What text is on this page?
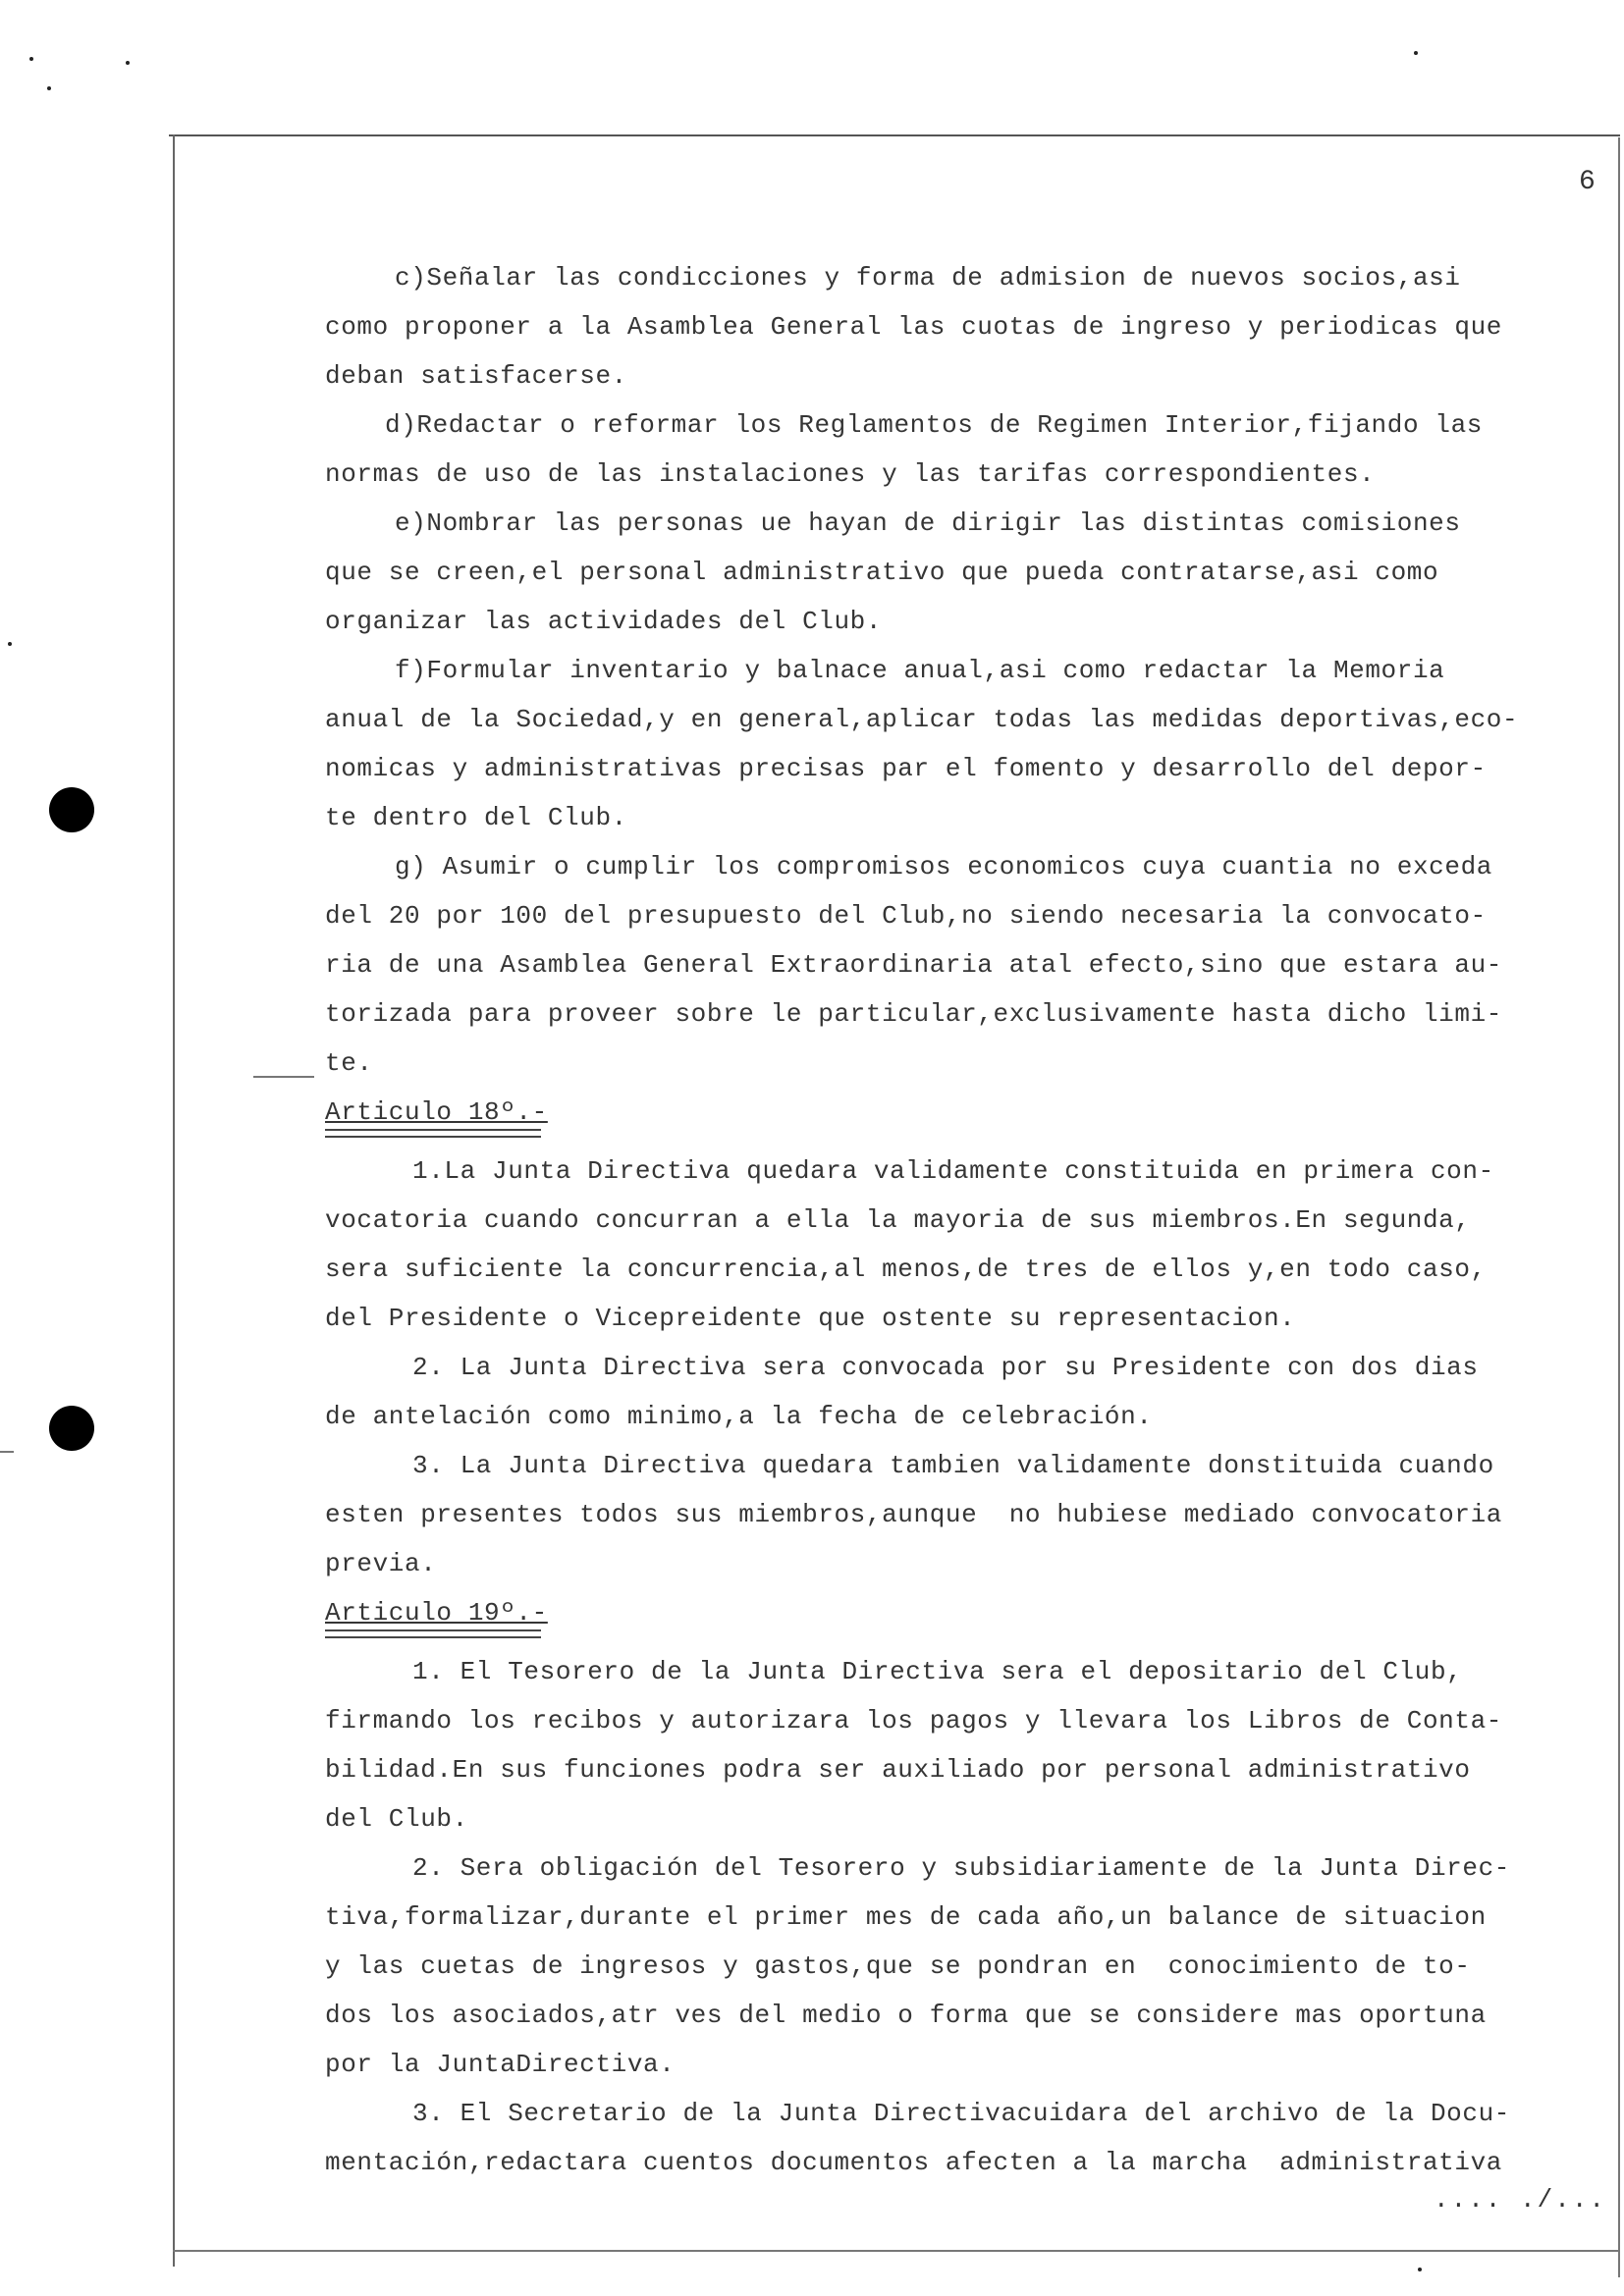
6
c)Señalar las condicciones y forma de admision de nuevos socios,asi
como proponer a la Asamblea General las cuotas de ingreso y periodicas que
deban satisfacerse.
d)Redactar o reformar los Reglamentos de Regimen Interior,fijando las
normas de uso de las instalaciones y las tarifas correspondientes.
e)Nombrar las personas ue hayan de dirigir las distintas comisiones
que se creen,el personal administrativo que pueda contratarse,asi como
organizar las actividades del Club.
f)Formular inventario y balnace anual,asi como redactar la Memoria
anual de la Sociedad,y en general,aplicar todas las medidas deportivas,eco-
nomicas y administrativas precisas par el fomento y desarrollo del depor-
te dentro del Club.
g) Asumir o cumplir los compromisos economicos cuya cuantia no exceda
del 20 por 100 del presupuesto del Club,no siendo necesaria la convocato-
ria de una Asamblea General Extraordinaria atal efecto,sino que estara au-
torizada para proveer sobre le particular,exclusivamente hasta dicho limi-
te.
Articulo 18º.-
1.La Junta Directiva quedara validamente constituida en primera con-
vocatoria cuando concurran a ella la mayoria de sus miembros.En segunda,
sera suficiente la concurrencia,al menos,de tres de ellos y,en todo caso,
del Presidente o Vicepreidente que ostente su representacion.
2. La Junta Directiva sera convocada por su Presidente con dos dias
de antelación como minimo,a la fecha de celebración.
3. La Junta Directiva quedara tambien validamente donstituida cuando
esten presentes todos sus miembros,aunque  no hubiese mediado convocatoria
previa.
Articulo 19º.-
1. El Tesorero de la Junta Directiva sera el depositario del Club,
firmando los recibos y autorizara los pagos y llevara los Libros de Conta-
bilidad.En sus funciones podra ser auxiliado por personal administrativo
del Club.
2. Sera obligación del Tesorero y subsidiariamente de la Junta Direc-
tiva,formalizar,durante el primer mes de cada año,un balance de situacion
y las cuetas de ingresos y gastos,que se pondran en  conocimiento de to-
dos los asociados,atr ves del medio o forma que se considere mas oportuna
por la JuntaDirectiva.
3. El Secretario de la Junta Directivacuidara del archivo de la Docu-
mentación,redactara cuentos documentos afecten a la marcha  administrativa
.... ./...
